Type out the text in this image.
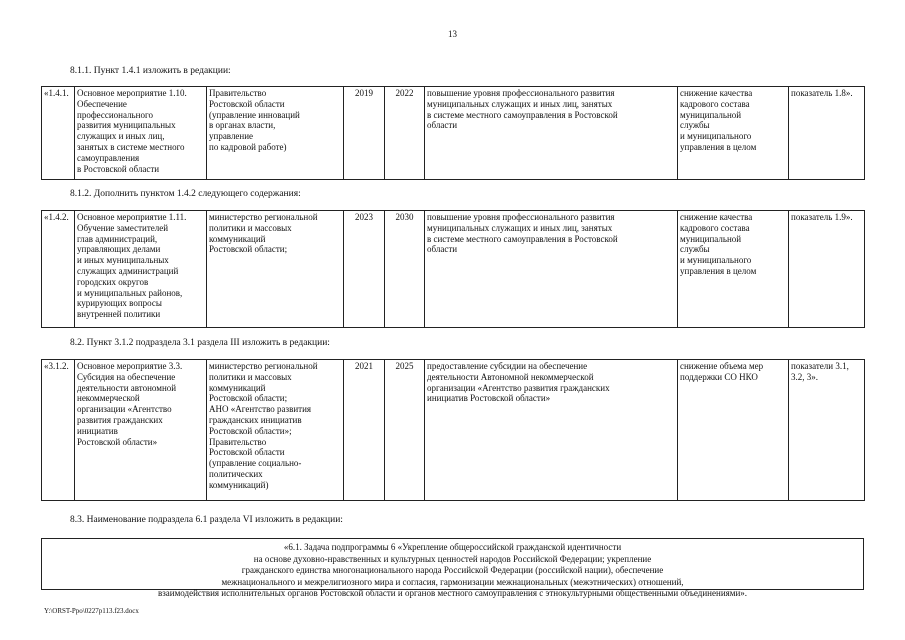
13
8.1.1. Пункт 1.4.1 изложить в редакции:
«1.4.1.	Основное мероприятие 1.10.
Обеспечение
профессионального
развития муниципальных
служащих и иных лиц,
занятых в системе местного
самоуправления
в Ростовской области	Правительство
Ростовской области
(управление инноваций
в органах власти,
управление
по кадровой работе)	2019	2022	повышение уровня профессионального развития
муниципальных служащих и иных лиц, занятых
в системе местного самоуправления в Ростовской
области	снижение качества
кадрового состава
муниципальной
службы
и муниципального
управления в целом	показатель 1.8».
8.1.2. Дополнить пунктом 1.4.2 следующего содержания:
«1.4.2.	Основное мероприятие 1.11.
Обучение заместителей
глав администраций,
управляющих делами
и иных муниципальных
служащих администраций
городских округов
и муниципальных районов,
курирующих вопросы
внутренней политики	министерство региональной
политики и массовых
коммуникаций
Ростовской области;	2023	2030	повышение уровня профессионального развития
муниципальных служащих и иных лиц, занятых
в системе местного самоуправления в Ростовской
области	снижение качества
кадрового состава
муниципальной
службы
и муниципального
управления в целом	показатель 1.9».
8.2. Пункт 3.1.2 подраздела 3.1 раздела III изложить в редакции:
«3.1.2.	Основное мероприятие 3.3.
Субсидия на обеспечение
деятельности автономной
некоммерческой
организации «Агентство
развития гражданских
инициатив
Ростовской области»	министерство региональной
политики и массовых
коммуникаций
Ростовской области;
АНО «Агентство развития
гражданских инициатив
Ростовской области»;
Правительство
Ростовской области
(управление социально-
политических
коммуникаций)	2021	2025	предоставление субсидии на обеспечение
деятельности Автономной некоммерческой
организации «Агентство развития гражданских
инициатив Ростовской области»	снижение объема мер
поддержки СО НКО	показатели 3.1,
3.2, 3».
8.3. Наименование подраздела 6.1 раздела VI изложить в редакции:
«6.1. Задача подпрограммы 6 «Укрепление общероссийской гражданской идентичности
на основе духовно-нравственных и культурных ценностей народов Российской Федерации; укрепление
гражданского единства многонационального народа Российской Федерации (российской нации), обеспечение
межнационального и межрелигиозного мира и согласия, гармонизации межнациональных (межэтнических) отношений,
взаимодействия исполнительных органов Ростовской области и органов местного самоуправления с этнокультурными общественными объединениями».
Y:\ORST-Ppo\0227p113.f23.docx
